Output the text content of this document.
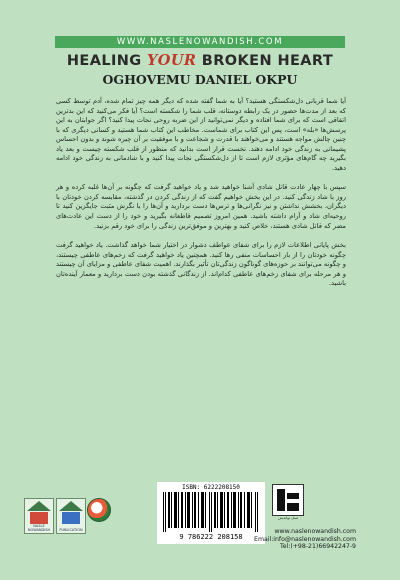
WWW.NASLENOWANDISH.COM
HEALING YOUR BROKEN HEART
OGHOVEMU DANIEL OKPU

آیا شما قربانی دل‌شکستگی هستید؟ آیا به شما گفته شده که دیگر همه چیز تمام شده، آدم توسط کسی که بعد از مدت‌ها حضور در یک رابطه دوستانه، قلب شما را شکسته است؟ آیا فکر می‌کنید که این بدترین اتفاقی است که برای شما افتاده و دیگر نمی‌توانید از این ضربه روحی نجات پیدا کنید؟ اگر جوابتان به این پرسش‌ها «بله» است، پس این کتاب برای شماست. مخاطب این کتاب شما هستید و کسانی دیگری که با چنین چالش مواجه هستند و می‌خواهند با قدرت و شجاعت و با موفقیت بر آن چیره شوند و بدون احساس پشیمانی به زندگی خود ادامه دهند. نخست قرار است بدانید که منظور از قلب شکسته چیست و بعد یاد بگیرید چه گام‌های مؤثری لازم است تا از دل‌شکستگی نجات پیدا کنید و با شادمانی به زندگی خود ادامه دهید.

سپس با چهار عادت قاتل شادی آشنا خواهید شد و یاد خواهید گرفت که چگونه بر آن‌ها غلبه کرده و هر روز با شاد زندگی کنید. در این بخش خواهیم گفت که از زندگی کردن در گذشته، مقایسه کردن خودتان با دیگران، بخشش نداشتن و نیز نگرانی‌ها و ترس‌ها دست بردارید و آن‌ها را با نگرش مثبت جایگزین کنید تا روحیه‌ای شاد و آرام داشته باشید. همین امروز تصمیم قاطعانه بگیرید و خود را از دست این عادت‌های مضر که قاتل شادی هستند، خلاص کنید و بهترین و موفق‌ترین زندگی را برای خود رقم بزنید.

بخش پایانی اطلاعات لازم را برای شفای عواطف دشوار در اختیار شما خواهد گذاشت. یاد خواهید گرفت چگونه خودتان را از بار احساسات منفی رها کنید. همچنین یاد خواهید گرفت که زخم‌های عاطفی چیستند، و چگونه می‌توانند بر حوزه‌های گوناگون زندگی‌تان تأثیر بگذارند. اهمیت شفای عاطفی و مزایای آن چیستند و هر مرحله برای شفای زخم‌های عاطفی کدام‌اند. از زندگانی گذشته بودن دست بردارید و معمار آینده‌تان باشید.

NASLE NOWANDISH	PUBLICATION
ISBN: 6222208150
9 786222 208158
نسل نواندیش
www.naslenowandish.com
Email:info@naslenowandish.com
Tel:(+98-21)66942247-9
